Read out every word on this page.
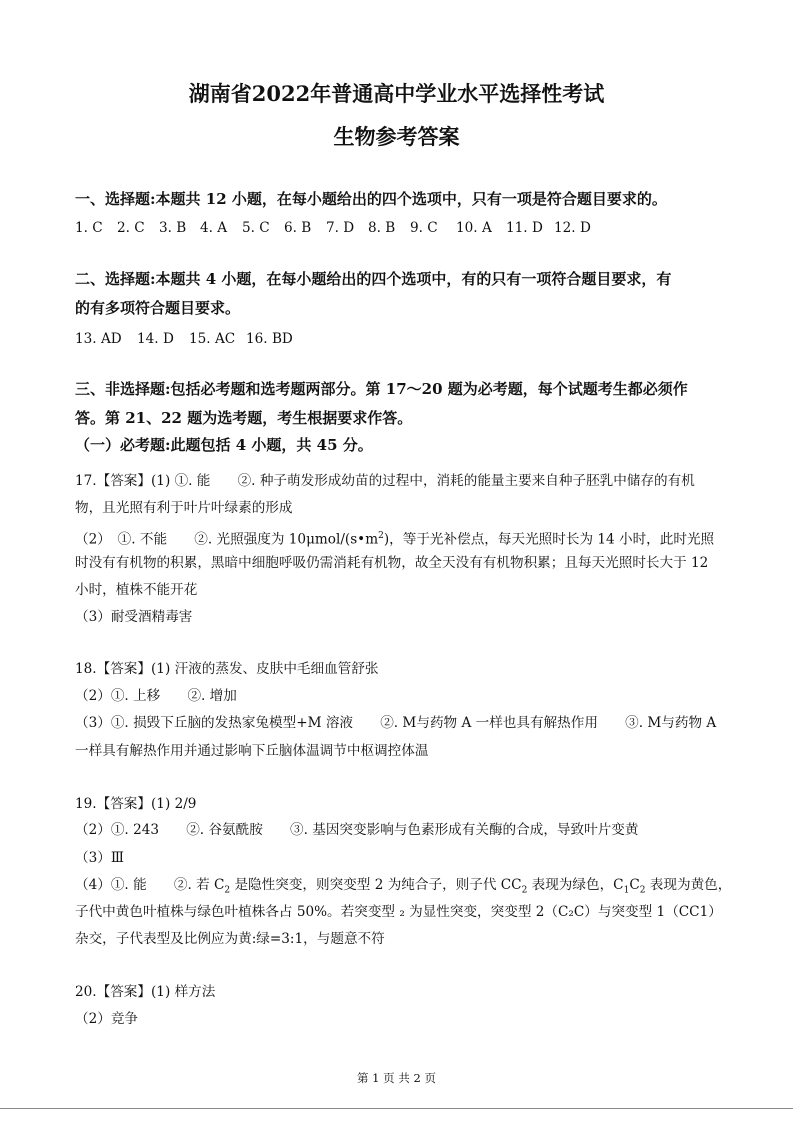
湖南省2022年普通高中学业水平选择性考试
生物参考答案
一、选择题:本题共 12 小题，在每小题给出的四个选项中，只有一项是符合题目要求的。
1. C 2. C 3. B 4. A 5. C 6. B 7. D 8. B 9. C 10. A 11. D 12. D
二、选择题:本题共 4 小题，在每小题给出的四个选项中，有的只有一项符合题目要求，有
的有多项符合题目要求。
13. AD 14. D 15. AC 16. BD
三、非选择题:包括必考题和选考题两部分。第 17～20 题为必考题，每个试题考生都必须作
答。第 21、22 题为选考题，考生根据要求作答。
（一）必考题:此题包括 4 小题，共 45 分。
17.【答案】(1) ①. 能　　②. 种子萌发形成幼苗的过程中，消耗的能量主要来自种子胚乳中储存的有机
物，且光照有利于叶片叶绿素的形成
（2）　①. 不能　　②. 光照强度为 $10\mu mol/(s•m^2)$，等于光补偿点，每天光照时长为 14 小时，此时光照
时没有有机物的积累，黑暗中细胞呼吸仍需消耗有机物，故全天没有有机物积累；且每天光照时长大于 12
小时，植株不能开花
（3）耐受酒精毒害
18.【答案】(1) 汗液的蒸发、皮肤中毛细血管舒张
（2）①. 上移　　②. 增加
（3）①. 损毁下丘脑的发热家兔模型+M 溶液　　②. M与药物 A 一样也具有解热作用　　③. M与药物 A
一样具有解热作用并通过影响下丘脑体温调节中枢调控体温
19.【答案】(1) 2/9
（2）①. 243　　②. 谷氨酰胺　　③. 基因突变影响与色素形成有关酶的合成，导致叶片变黄
（3）Ⅲ
（4）①. 能　　②. 若 $C_2$ 是隐性突变，则突变型 2 为纯合子，则子代 $CC_2$ 表现为绿色，$C_1C_2$ 表现为黄色，
子代中黄色叶植株与绿色叶植株各占 50%。若突变型 ₂ 为显性突变，突变型 2（C₂C）与突变型 1（CC1）
杂交，子代表型及比例应为黄:绿=3:1，与题意不符
20.【答案】(1) 样方法
（2）竞争
第 1 页 共 2 页
